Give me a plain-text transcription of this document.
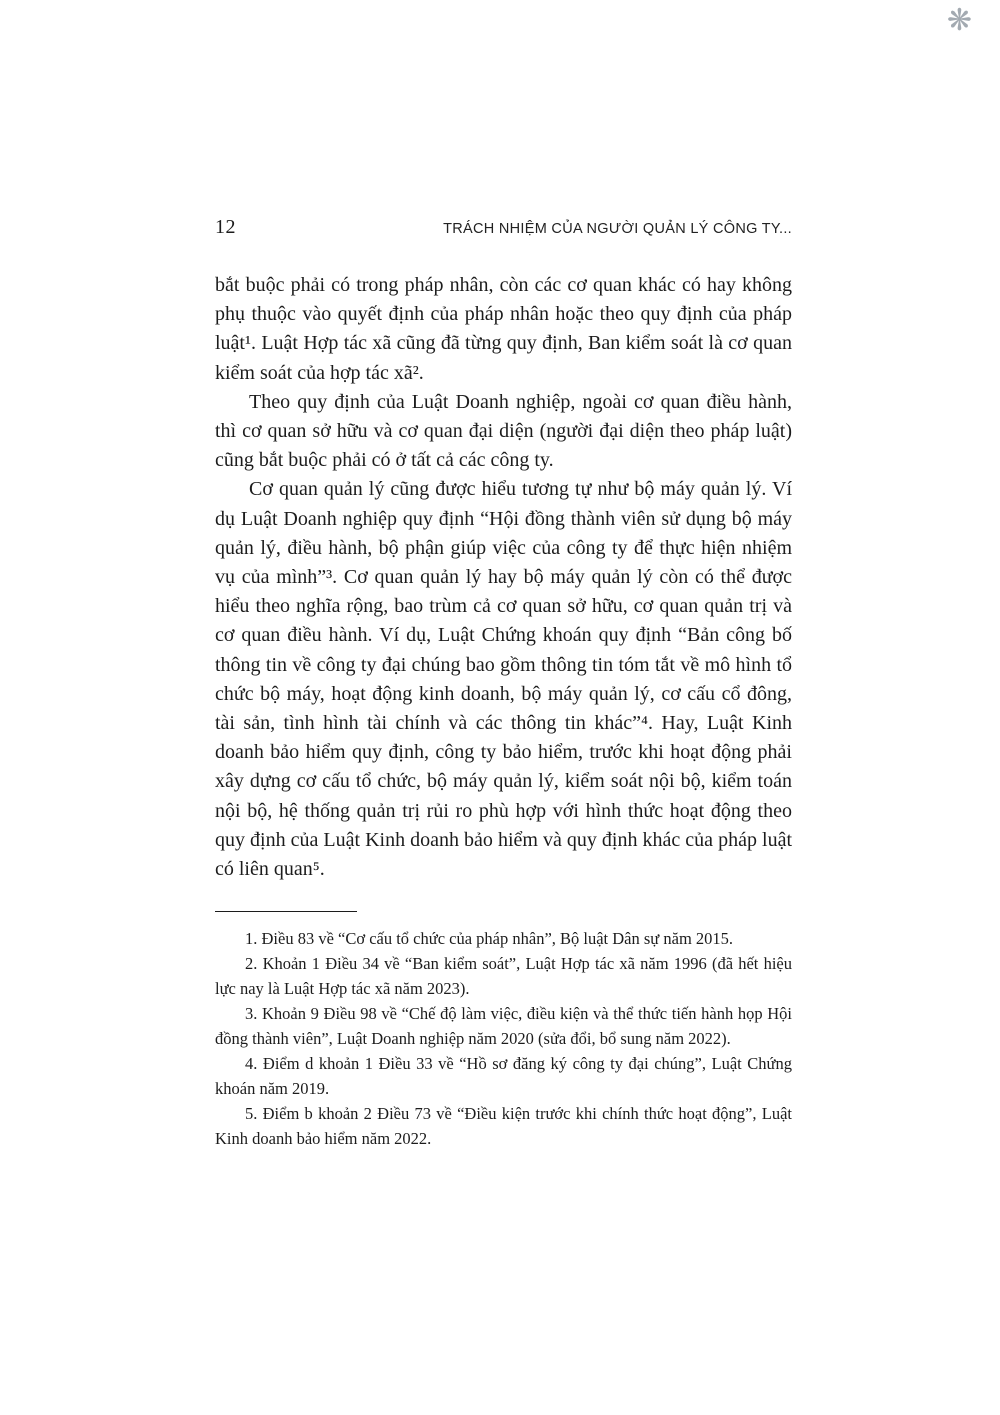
❋
12	TRÁCH NHIỆM CỦA NGƯỜI QUẢN LÝ CÔNG TY...

bắt buộc phải có trong pháp nhân, còn các cơ quan khác có hay không phụ thuộc vào quyết định của pháp nhân hoặc theo quy định của pháp luật¹. Luật Hợp tác xã cũng đã từng quy định, Ban kiểm soát là cơ quan kiểm soát của hợp tác xã².

Theo quy định của Luật Doanh nghiệp, ngoài cơ quan điều hành, thì cơ quan sở hữu và cơ quan đại diện (người đại diện theo pháp luật) cũng bắt buộc phải có ở tất cả các công ty.

Cơ quan quản lý cũng được hiểu tương tự như bộ máy quản lý. Ví dụ Luật Doanh nghiệp quy định “Hội đồng thành viên sử dụng bộ máy quản lý, điều hành, bộ phận giúp việc của công ty để thực hiện nhiệm vụ của mình”³. Cơ quan quản lý hay bộ máy quản lý còn có thể được hiểu theo nghĩa rộng, bao trùm cả cơ quan sở hữu, cơ quan quản trị và cơ quan điều hành. Ví dụ, Luật Chứng khoán quy định “Bản công bố thông tin về công ty đại chúng bao gồm thông tin tóm tắt về mô hình tổ chức bộ máy, hoạt động kinh doanh, bộ máy quản lý, cơ cấu cổ đông, tài sản, tình hình tài chính và các thông tin khác”⁴. Hay, Luật Kinh doanh bảo hiểm quy định, công ty bảo hiểm, trước khi hoạt động phải xây dựng cơ cấu tổ chức, bộ máy quản lý, kiểm soát nội bộ, kiểm toán nội bộ, hệ thống quản trị rủi ro phù hợp với hình thức hoạt động theo quy định của Luật Kinh doanh bảo hiểm và quy định khác của pháp luật có liên quan⁵.

1. Điều 83 về “Cơ cấu tổ chức của pháp nhân”, Bộ luật Dân sự năm 2015.

2. Khoản 1 Điều 34 về “Ban kiểm soát”, Luật Hợp tác xã năm 1996 (đã hết hiệu lực nay là Luật Hợp tác xã năm 2023).

3. Khoản 9 Điều 98 về “Chế độ làm việc, điều kiện và thể thức tiến hành họp Hội đồng thành viên”, Luật Doanh nghiệp năm 2020 (sửa đổi, bổ sung năm 2022).

4. Điểm d khoản 1 Điều 33 về “Hồ sơ đăng ký công ty đại chúng”, Luật Chứng khoán năm 2019.

5. Điểm b khoản 2 Điều 73 về “Điều kiện trước khi chính thức hoạt động”, Luật Kinh doanh bảo hiểm năm 2022.
